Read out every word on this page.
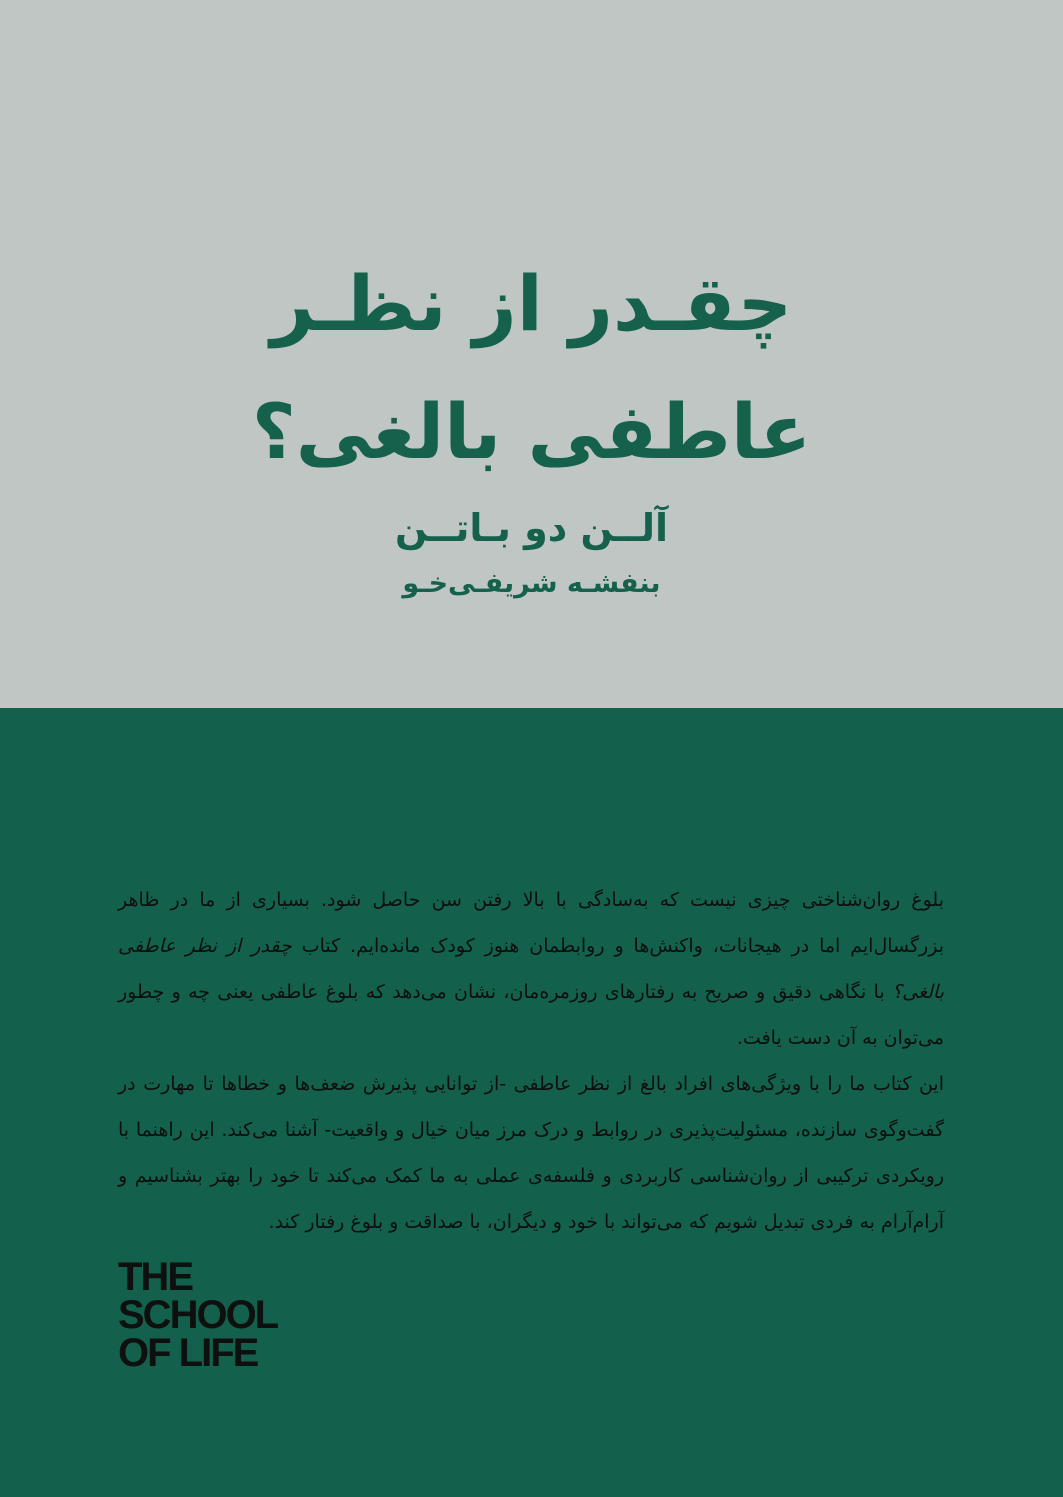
چقـدر از نظـر
عاطفی بالغی؟
آلــن دو بـاتــن
بنفشـه شریفـی‌خـو

بلوغ روان‌شناختی چیزی نیست که به‌سادگی با بالا رفتن سن حاصل شود. بسیاری از ما در ظاهر بزرگسال‌ایم اما در هیجانات، واکنش‌ها و روابطمان هنوز کودک مانده‌ایم. کتاب چقدر از نظر عاطفی بالغی؟ با نگاهی دقیق و صریح به رفتارهای روزمره‌مان، نشان می‌دهد که بلوغ عاطفی یعنی چه و چطور می‌توان به آن دست یافت.

این کتاب ما را با ویژگی‌های افراد بالغ از نظر عاطفی -از توانایی پذیرش ضعف‌ها و خطاها تا مهارت در گفت‌وگوی سازنده، مسئولیت‌پذیری در روابط و درک مرز میان خیال و واقعیت- آشنا می‌کند. این راهنما با رویکردی ترکیبی از روان‌شناسی کاربردی و فلسفه‌ی عملی به ما کمک می‌کند تا خود را بهتر بشناسیم و آرام‌آرام به فردی تبدیل شویم که می‌تواند با خود و دیگران، با صداقت و بلوغ رفتار کند.

THE
SCHOOL
OF LIFE
